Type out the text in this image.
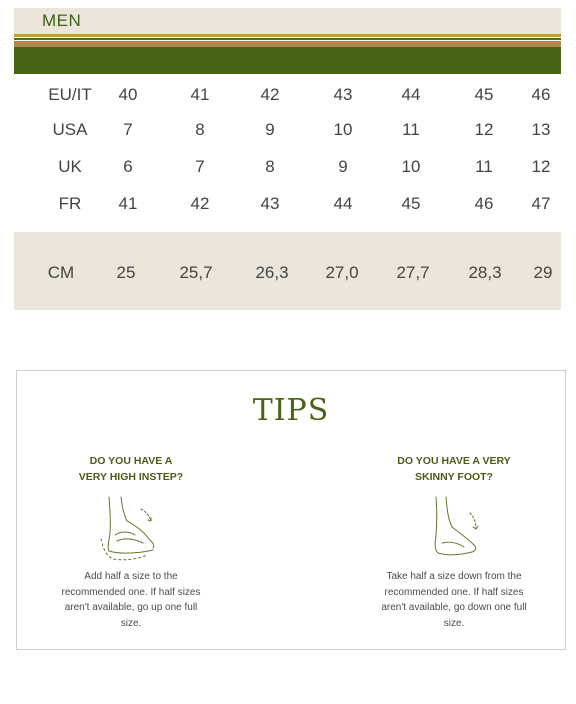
MEN
EU/IT	40	41	42	43	44	45	46
USA	7	8	9	10	11	12	13
UK	6	7	8	9	10	11	12
FR	41	42	43	44	45	46	47
CM	25	25,7	26,3	27,0	27,7	28,3	29
TIPS
DO YOU HAVE A
VERY HIGH INSTEP?
Add half a size to the
recommended one. If half sizes
aren't available, go up one full
size.
DO YOU HAVE A VERY
SKINNY FOOT?
Take half a size down from the
recommended one. If half sizes
aren't available, go down one full
size.
